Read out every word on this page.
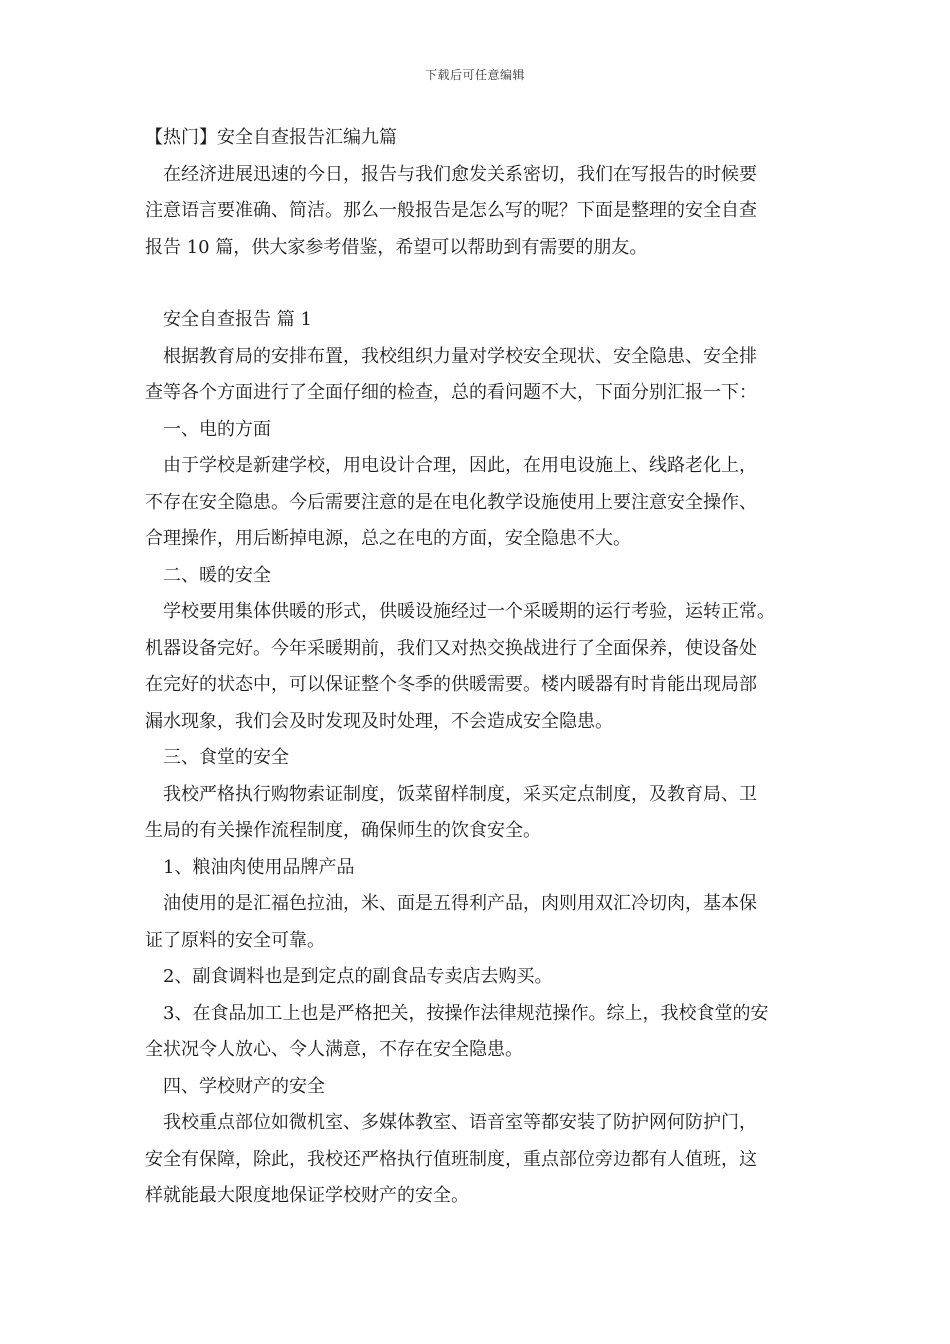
下载后可任意编辑
【热门】安全自查报告汇编九篇
在经济进展迅速的今日，报告与我们愈发关系密切，我们在写报告的时候要
注意语言要准确、简洁。那么一般报告是怎么写的呢？下面是整理的安全自查
报告 10 篇，供大家参考借鉴，希望可以帮助到有需要的朋友。
安全自查报告 篇 1
根据教育局的安排布置，我校组织力量对学校安全现状、安全隐患、安全排
查等各个方面进行了全面仔细的检查，总的看问题不大，下面分别汇报一下：
一、电的方面
由于学校是新建学校，用电设计合理，因此，在用电设施上、线路老化上，
不存在安全隐患。今后需要注意的是在电化教学设施使用上要注意安全操作、
合理操作，用后断掉电源，总之在电的方面，安全隐患不大。
二、暖的安全
学校要用集体供暖的形式，供暖设施经过一个采暖期的运行考验，运转正常。
机器设备完好。今年采暖期前，我们又对热交换战进行了全面保养，使设备处
在完好的状态中，可以保证整个冬季的供暖需要。楼内暖器有时肯能出现局部
漏水现象，我们会及时发现及时处理，不会造成安全隐患。
三、食堂的安全
我校严格执行购物索证制度，饭菜留样制度，采买定点制度，及教育局、卫
生局的有关操作流程制度，确保师生的饮食安全。
1、粮油肉使用品牌产品
油使用的是汇福色拉油，米、面是五得利产品，肉则用双汇冷切肉，基本保
证了原料的安全可靠。
2、副食调料也是到定点的副食品专卖店去购买。
3、在食品加工上也是严格把关，按操作法律规范操作。综上，我校食堂的安
全状况令人放心、令人满意，不存在安全隐患。
四、学校财产的安全
我校重点部位如微机室、多媒体教室、语音室等都安装了防护网何防护门，
安全有保障，除此，我校还严格执行值班制度，重点部位旁边都有人值班，这
样就能最大限度地保证学校财产的安全。
